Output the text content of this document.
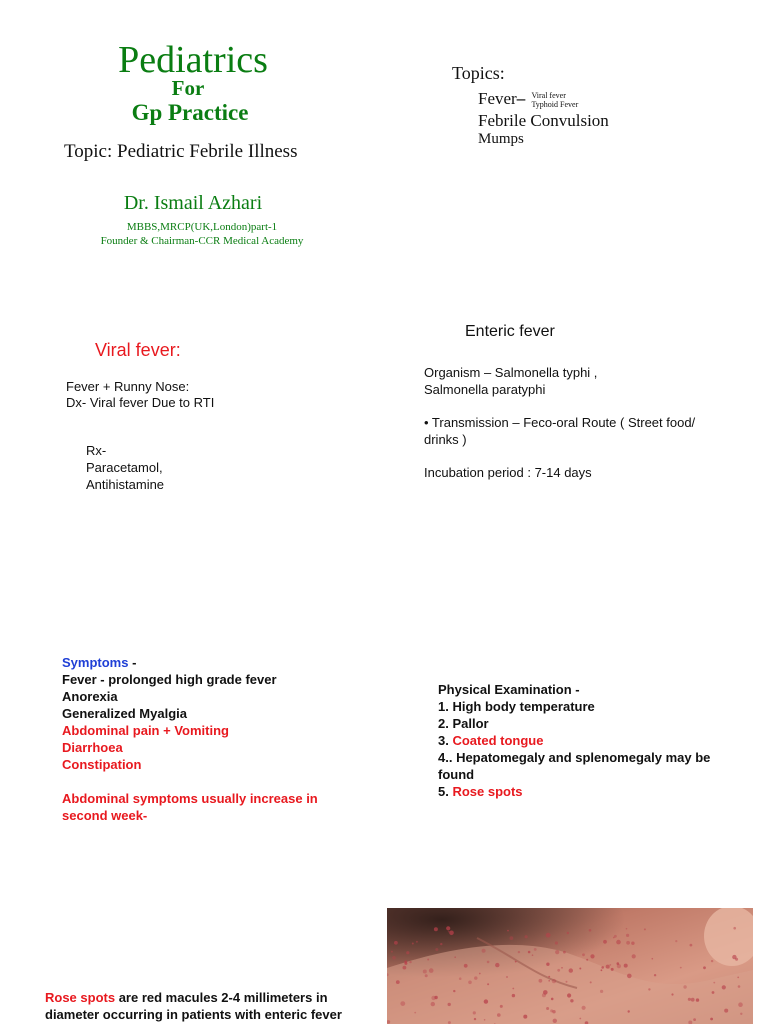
Pediatrics
For
Gp Practice
Topic: Pediatric Febrile Illness
Dr. Ismail Azhari
MBBS,MRCP(UK,London)part-1
Founder & Chairman-CCR Medical Academy
Topics:
Fever– Viral fever
Typhoid Fever
Febrile Convulsion
Mumps
Viral fever:
Fever + Runny Nose:
Dx- Viral fever Due to RTI
Rx-
Paracetamol,
Antihistamine
Enteric fever
Organism – Salmonella typhi ,
Salmonella paratyphi
• Transmission – Feco-oral Route ( Street food/ drinks )
Incubation period : 7-14 days
Symptoms -
Fever - prolonged high grade fever
Anorexia
Generalized Myalgia
Abdominal pain + Vomiting
Diarrhoea
Constipation
Abdominal symptoms usually increase in
second week-
Physical Examination -
1. High body temperature
2. Pallor
3. Coated tongue
4.. Hepatomegaly and splenomegaly may be found
5. Rose spots
Rose spots are red macules 2-4 millimeters in diameter occurring in patients with enteric fever
